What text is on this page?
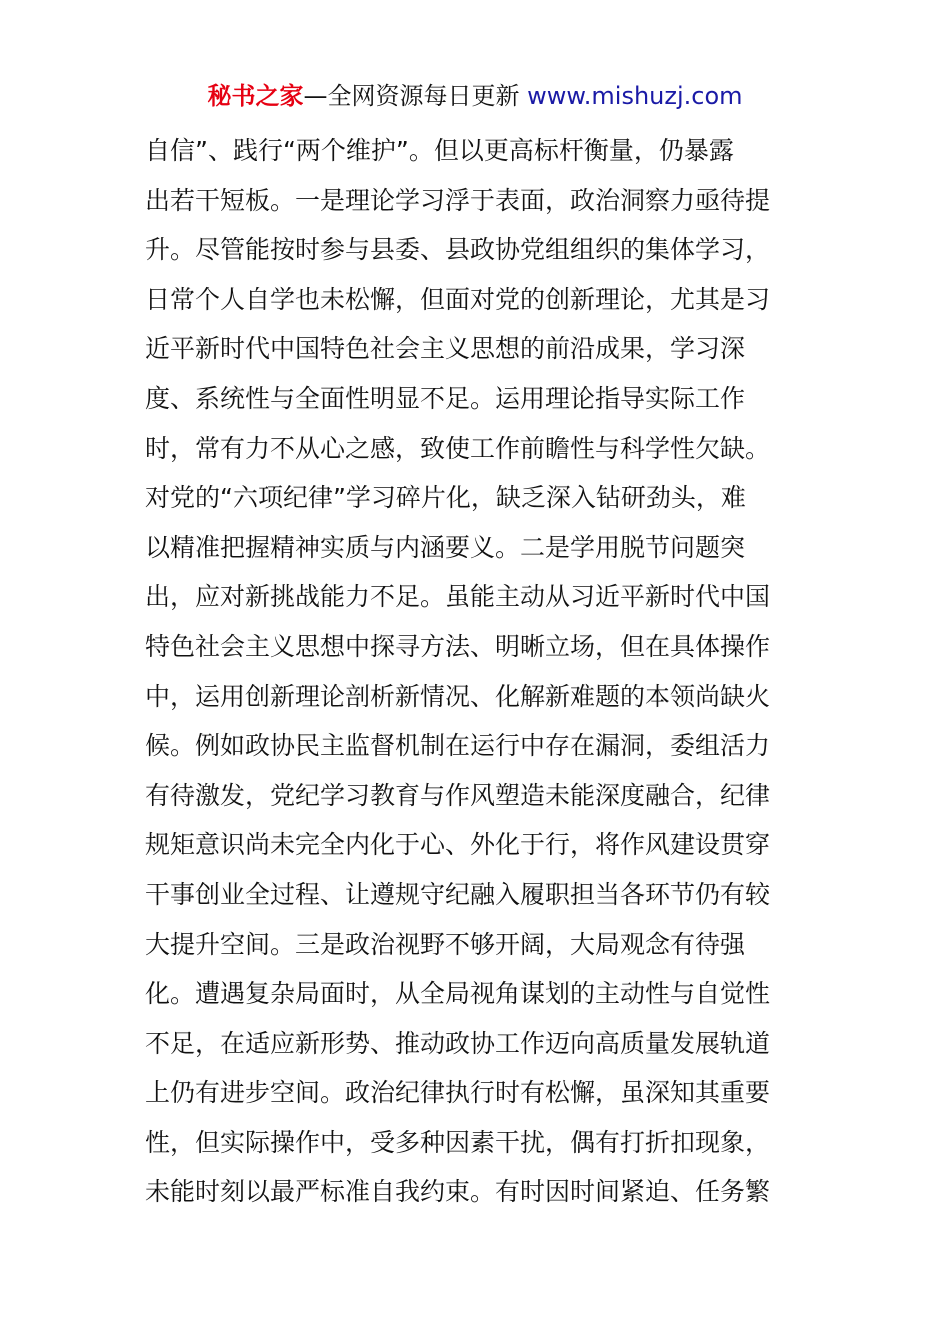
秘书之家—全网资源每日更新 www.mishuzj.com
自信”、践行“两个维护”。但以更高标杆衡量，仍暴露
出若干短板。一是理论学习浮于表面，政治洞察力亟待提
升。尽管能按时参与县委、县政协党组组织的集体学习，
日常个人自学也未松懈，但面对党的创新理论，尤其是习
近平新时代中国特色社会主义思想的前沿成果，学习深
度、系统性与全面性明显不足。运用理论指导实际工作
时，常有力不从心之感，致使工作前瞻性与科学性欠缺。
对党的“六项纪律”学习碎片化，缺乏深入钻研劲头，难
以精准把握精神实质与内涵要义。二是学用脱节问题突
出，应对新挑战能力不足。虽能主动从习近平新时代中国
特色社会主义思想中探寻方法、明晰立场，但在具体操作
中，运用创新理论剖析新情况、化解新难题的本领尚缺火
候。例如政协民主监督机制在运行中存在漏洞，委组活力
有待激发，党纪学习教育与作风塑造未能深度融合，纪律
规矩意识尚未完全内化于心、外化于行，将作风建设贯穿
干事创业全过程、让遵规守纪融入履职担当各环节仍有较
大提升空间。三是政治视野不够开阔，大局观念有待强
化。遭遇复杂局面时，从全局视角谋划的主动性与自觉性
不足，在适应新形势、推动政协工作迈向高质量发展轨道
上仍有进步空间。政治纪律执行时有松懈，虽深知其重要
性，但实际操作中，受多种因素干扰，偶有打折扣现象，
未能时刻以最严标准自我约束。有时因时间紧迫、任务繁
